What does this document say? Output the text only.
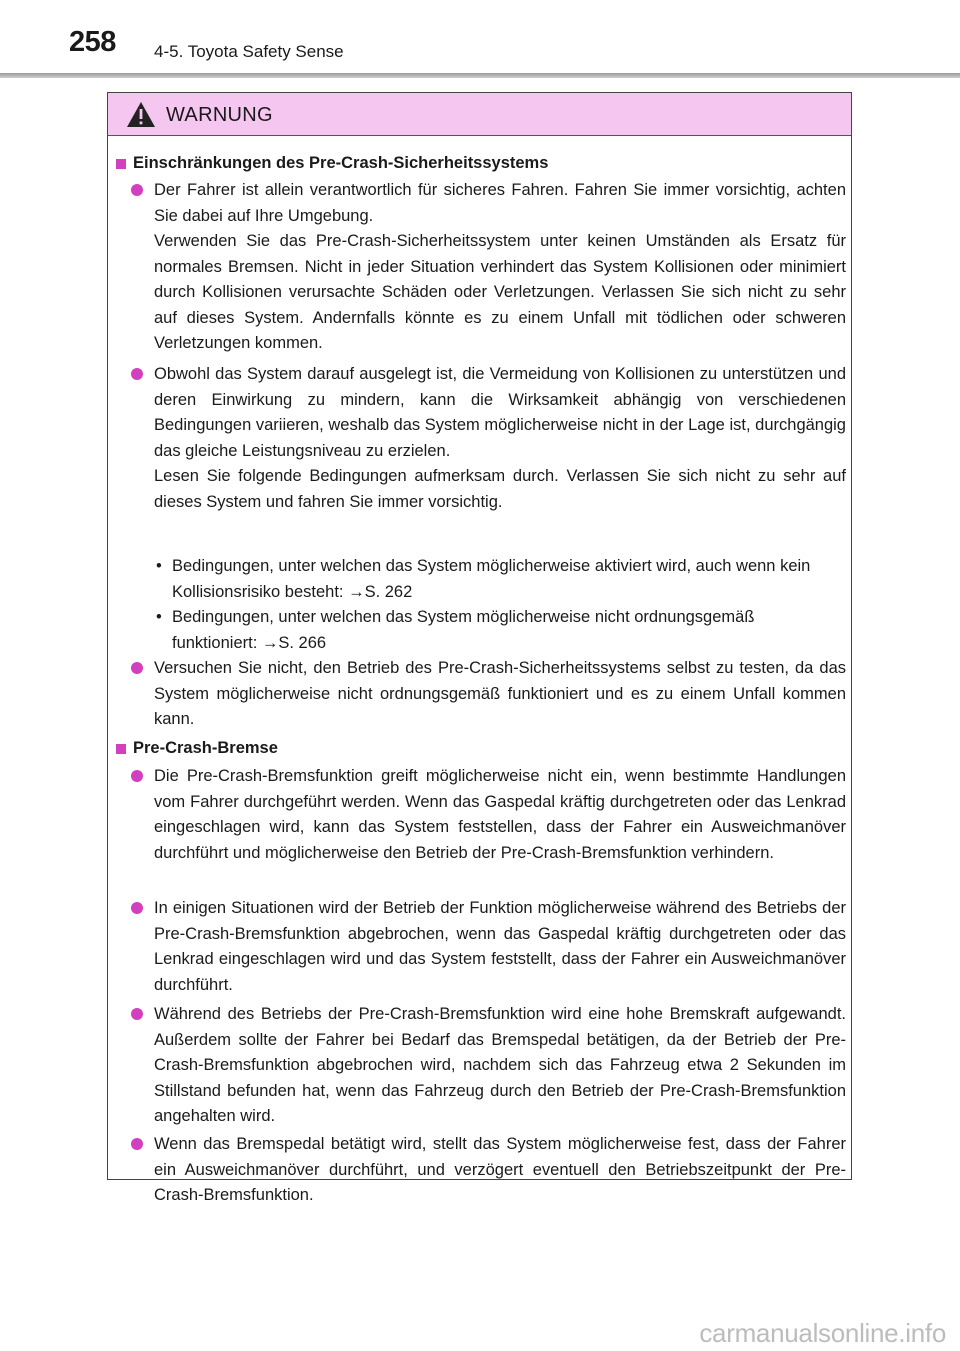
258 4-5. Toyota Safety Sense
WARNUNG
Einschränkungen des Pre-Crash-Sicherheitssystems
Der Fahrer ist allein verantwortlich für sicheres Fahren. Fahren Sie immer vorsichtig, achten Sie dabei auf Ihre Umgebung.
Verwenden Sie das Pre-Crash-Sicherheitssystem unter keinen Umständen als Ersatz für normales Bremsen. Nicht in jeder Situation verhindert das System Kollisionen oder minimiert durch Kollisionen verursachte Schäden oder Verletzungen. Verlassen Sie sich nicht zu sehr auf dieses System. Andernfalls könnte es zu einem Unfall mit tödlichen oder schweren Verletzungen kommen.
Obwohl das System darauf ausgelegt ist, die Vermeidung von Kollisionen zu unterstützen und deren Einwirkung zu mindern, kann die Wirksamkeit abhängig von verschiedenen Bedingungen variieren, weshalb das System möglicherweise nicht in der Lage ist, durchgängig das gleiche Leistungsniveau zu erzielen.
Lesen Sie folgende Bedingungen aufmerksam durch. Verlassen Sie sich nicht zu sehr auf dieses System und fahren Sie immer vorsichtig.
• Bedingungen, unter welchen das System möglicherweise aktiviert wird, auch wenn kein Kollisionsrisiko besteht: →S. 262
• Bedingungen, unter welchen das System möglicherweise nicht ordnungsgemäß funktioniert: →S. 266
Versuchen Sie nicht, den Betrieb des Pre-Crash-Sicherheitssystems selbst zu testen, da das System möglicherweise nicht ordnungsgemäß funktioniert und es zu einem Unfall kommen kann.
Pre-Crash-Bremse
Die Pre-Crash-Bremsfunktion greift möglicherweise nicht ein, wenn bestimmte Handlungen vom Fahrer durchgeführt werden. Wenn das Gaspedal kräftig durchgetreten oder das Lenkrad eingeschlagen wird, kann das System feststellen, dass der Fahrer ein Ausweichmanöver durchführt und möglicherweise den Betrieb der Pre-Crash-Bremsfunktion verhindern.
In einigen Situationen wird der Betrieb der Funktion möglicherweise während des Betriebs der Pre-Crash-Bremsfunktion abgebrochen, wenn das Gaspedal kräftig durchgetreten oder das Lenkrad eingeschlagen wird und das System feststellt, dass der Fahrer ein Ausweichmanöver durchführt.
Während des Betriebs der Pre-Crash-Bremsfunktion wird eine hohe Bremskraft aufgewandt. Außerdem sollte der Fahrer bei Bedarf das Bremspedal betätigen, da der Betrieb der Pre-Crash-Bremsfunktion abgebrochen wird, nachdem sich das Fahrzeug etwa 2 Sekunden im Stillstand befunden hat, wenn das Fahrzeug durch den Betrieb der Pre-Crash-Bremsfunktion angehalten wird.
Wenn das Bremspedal betätigt wird, stellt das System möglicherweise fest, dass der Fahrer ein Ausweichmanöver durchführt, und verzögert eventuell den Betriebszeitpunkt der Pre-Crash-Bremsfunktion.
carmanualsonline.info
